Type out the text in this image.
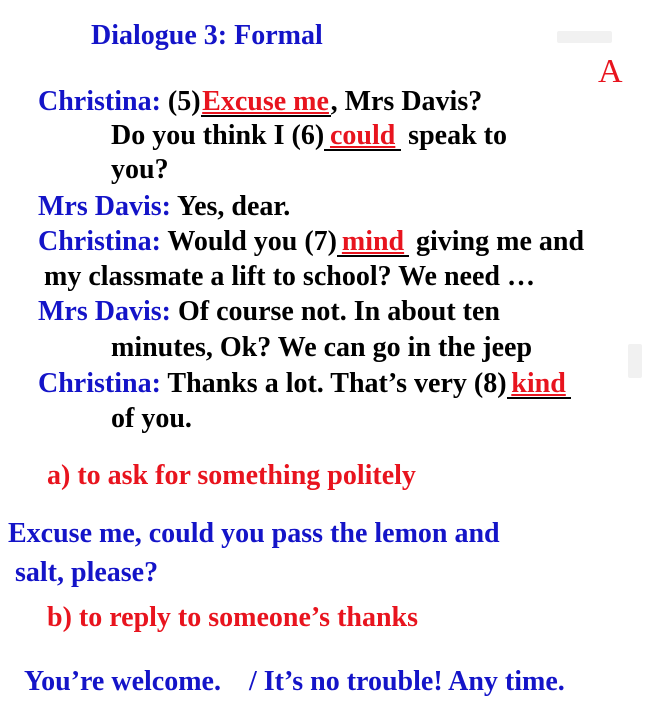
Dialogue 3: Formal
A
Christina: (5)Excuse me, Mrs Davis?
Do you think I (6) could speak to
you?
Mrs Davis: Yes, dear.
Christina: Would you (7) mind giving me and
my classmate a lift to school? We need …
Mrs Davis: Of course not. In about ten
minutes, Ok? We can go in the jeep
Christina: Thanks a lot. That’s very (8) kind
of you.
a) to ask for something politely
Excuse me, could you pass the lemon and
salt, please?
b) to reply to someone’s thanks
You’re welcome.    / It’s no trouble! Any time.
